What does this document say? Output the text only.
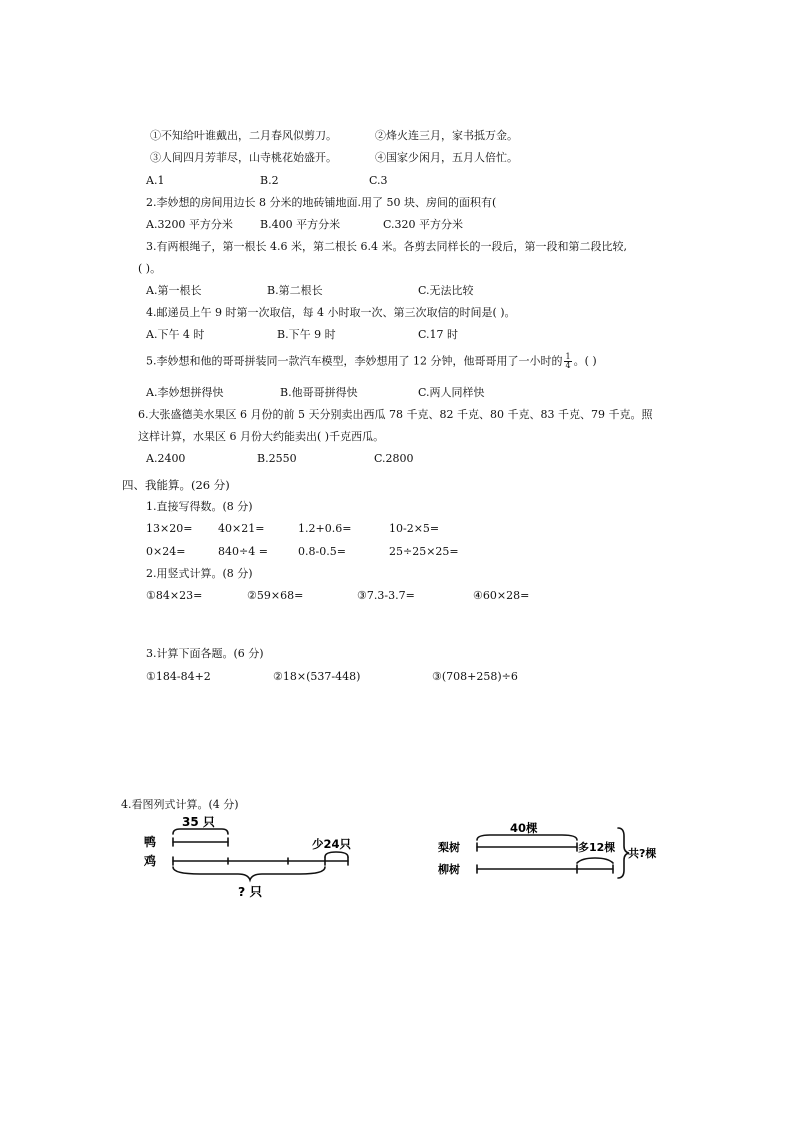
①不知给叶谁戴出，二月春风似剪刀。	②烽火连三月，家书抵万金。
③人间四月芳菲尽，山寺桃花始盛开。	④国家少闲月，五月人倍忙。
A.1	B.2	C.3
2.李妙想的房间用边长 8 分米的地砖铺地面.用了 50 块、房间的面积有(
A.3200 平方分米 B.400 平方分米	C.320 平方分米
3.有两根绳子，第一根长 4.6 米，第二根长 6.4 米。各剪去同样长的一段后，第一段和第二段比较,
( )。
A.第一根长	B.第二根长	C.无法比较
4.邮递员上午 9 时第一次取信，每 4 小时取一次、第三次取信的时间是( )。
A.下午 4 时	B.下午 9 时	C.17 时
5.李妙想和他的哥哥拼装同一款汽车模型，李妙想用了 12 分钟，他哥哥用了一小时的 $\frac{1}{4}$ 。( )
A.李妙想拼得快	B.他哥哥拼得快	C.两人同样快
6.大张盛德美水果区 6 月份的前 5 天分别卖出西瓜 78 千克、82 千克、80 千克、83 千克、79 千克。照
这样计算，水果区 6 月份大约能卖出( )千克西瓜。
A.2400	B.2550	C.2800
四、我能算。(26 分)
1.直接写得数。(8 分)
13×20= 40×21=	1.2+0.6=	10-2×5=
0×24=	840÷4 =	0.8-0.5=	25÷25×25=
2.用竖式计算。(8 分)
①84×23=	②59×68=	③7.3-3.7=	④60×28=
3.计算下面各题。(6 分)
①184-84+2	②18×(537-448)	③(708+258)÷6
4.看图列式计算。(4 分)
35 只
鸭
鸡
少24只
? 只
40棵
梨树
柳树
多12棵 共?棵
